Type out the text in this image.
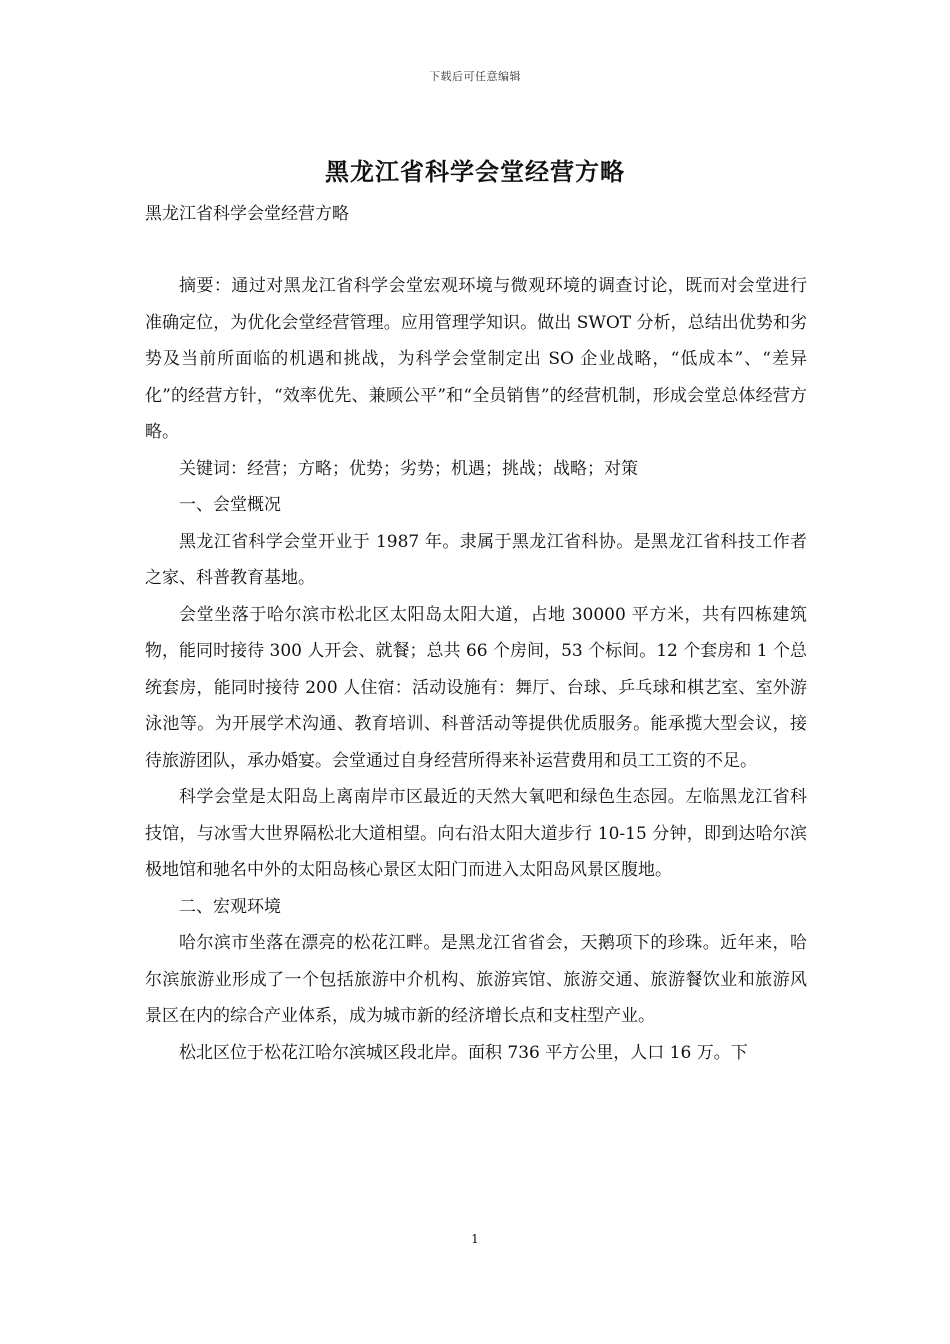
下载后可任意编辑
黑龙江省科学会堂经营方略
黑龙江省科学会堂经营方略

摘要：通过对黑龙江省科学会堂宏观环境与微观环境的调查讨论，既而对会堂进行准确定位，为优化会堂经营管理。应用管理学知识。做出 SWOT 分析，总结出优势和劣势及当前所面临的机遇和挑战，为科学会堂制定出 SO 企业战略，“低成本”、“差异化”的经营方针，“效率优先、兼顾公平”和“全员销售”的经营机制，形成会堂总体经营方略。

关键词：经营；方略；优势；劣势；机遇；挑战；战略；对策

一、会堂概况

黑龙江省科学会堂开业于 1987 年。隶属于黑龙江省科协。是黑龙江省科技工作者之家、科普教育基地。

会堂坐落于哈尔滨市松北区太阳岛太阳大道，占地 30000 平方米，共有四栋建筑物，能同时接待 300 人开会、就餐；总共 66 个房间，53 个标间。12 个套房和 1 个总统套房，能同时接待 200 人住宿：活动设施有：舞厅、台球、乒乓球和棋艺室、室外游泳池等。为开展学术沟通、教育培训、科普活动等提供优质服务。能承揽大型会议，接待旅游团队，承办婚宴。会堂通过自身经营所得来补运营费用和员工工资的不足。

科学会堂是太阳岛上离南岸市区最近的天然大氧吧和绿色生态园。左临黑龙江省科技馆，与冰雪大世界隔松北大道相望。向右沿太阳大道步行 10-15 分钟，即到达哈尔滨极地馆和驰名中外的太阳岛核心景区太阳门而进入太阳岛风景区腹地。

二、宏观环境

哈尔滨市坐落在漂亮的松花江畔。是黑龙江省省会，天鹅项下的珍珠。近年来，哈尔滨旅游业形成了一个包括旅游中介机构、旅游宾馆、旅游交通、旅游餐饮业和旅游风景区在内的综合产业体系，成为城市新的经济增长点和支柱型产业。

松北区位于松花江哈尔滨城区段北岸。面积 736 平方公里，人口 16 万。下

1
